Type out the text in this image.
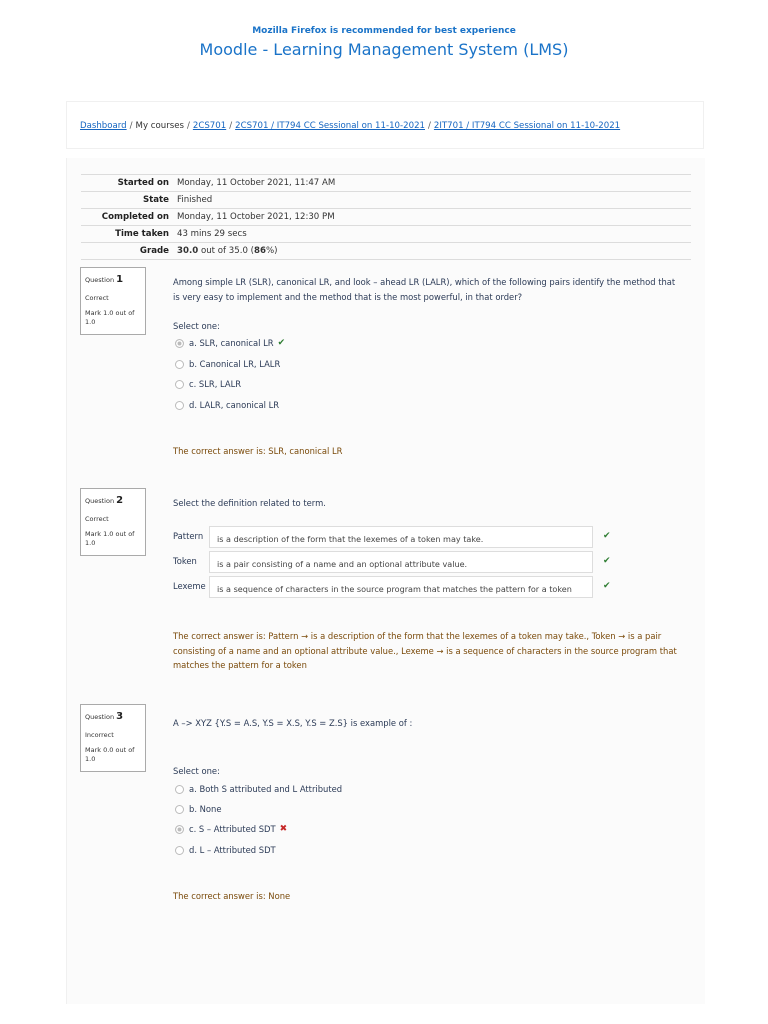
Mozilla Firefox is recommended for best experience
Moodle - Learning Management System (LMS)
Dashboard / My courses / 2CS701 / 2CS701 / IT794 CC Sessional on 11-10-2021 / 2IT701 / IT794 CC Sessional on 11-10-2021
Started on	Monday, 11 October 2021, 11:47 AM
State	Finished
Completed on	Monday, 11 October 2021, 12:30 PM
Time taken	43 mins 29 secs
Grade	30.0 out of 35.0 (86%)
Question 1
Correct
Mark 1.0 out of 1.0
Among simple LR (SLR), canonical LR, and look – ahead LR (LALR), which of the following pairs identify the method that is very easy to implement and the method that is the most powerful, in that order?
Select one:
a. SLR, canonical LR ✔
b. Canonical LR, LALR
c. SLR, LALR
d. LALR, canonical LR
The correct answer is: SLR, canonical LR
Question 2
Correct
Mark 1.0 out of 1.0
Select the definition related to term.
Pattern	is a description of the form that the lexemes of a token may take.	✔
Token	is a pair consisting of a name and an optional attribute value.	✔
Lexeme	is a sequence of characters in the source program that matches the pattern for a token	✔
The correct answer is: Pattern → is a description of the form that the lexemes of a token may take., Token → is a pair consisting of a name and an optional attribute value., Lexeme → is a sequence of characters in the source program that matches the pattern for a token
Question 3
Incorrect
Mark 0.0 out of 1.0
A –> XYZ {Y.S = A.S, Y.S = X.S, Y.S = Z.S} is example of :
Select one:
a. Both S attributed and L Attributed
b. None
c. S – Attributed SDT ✖
d. L – Attributed SDT
The correct answer is: None
